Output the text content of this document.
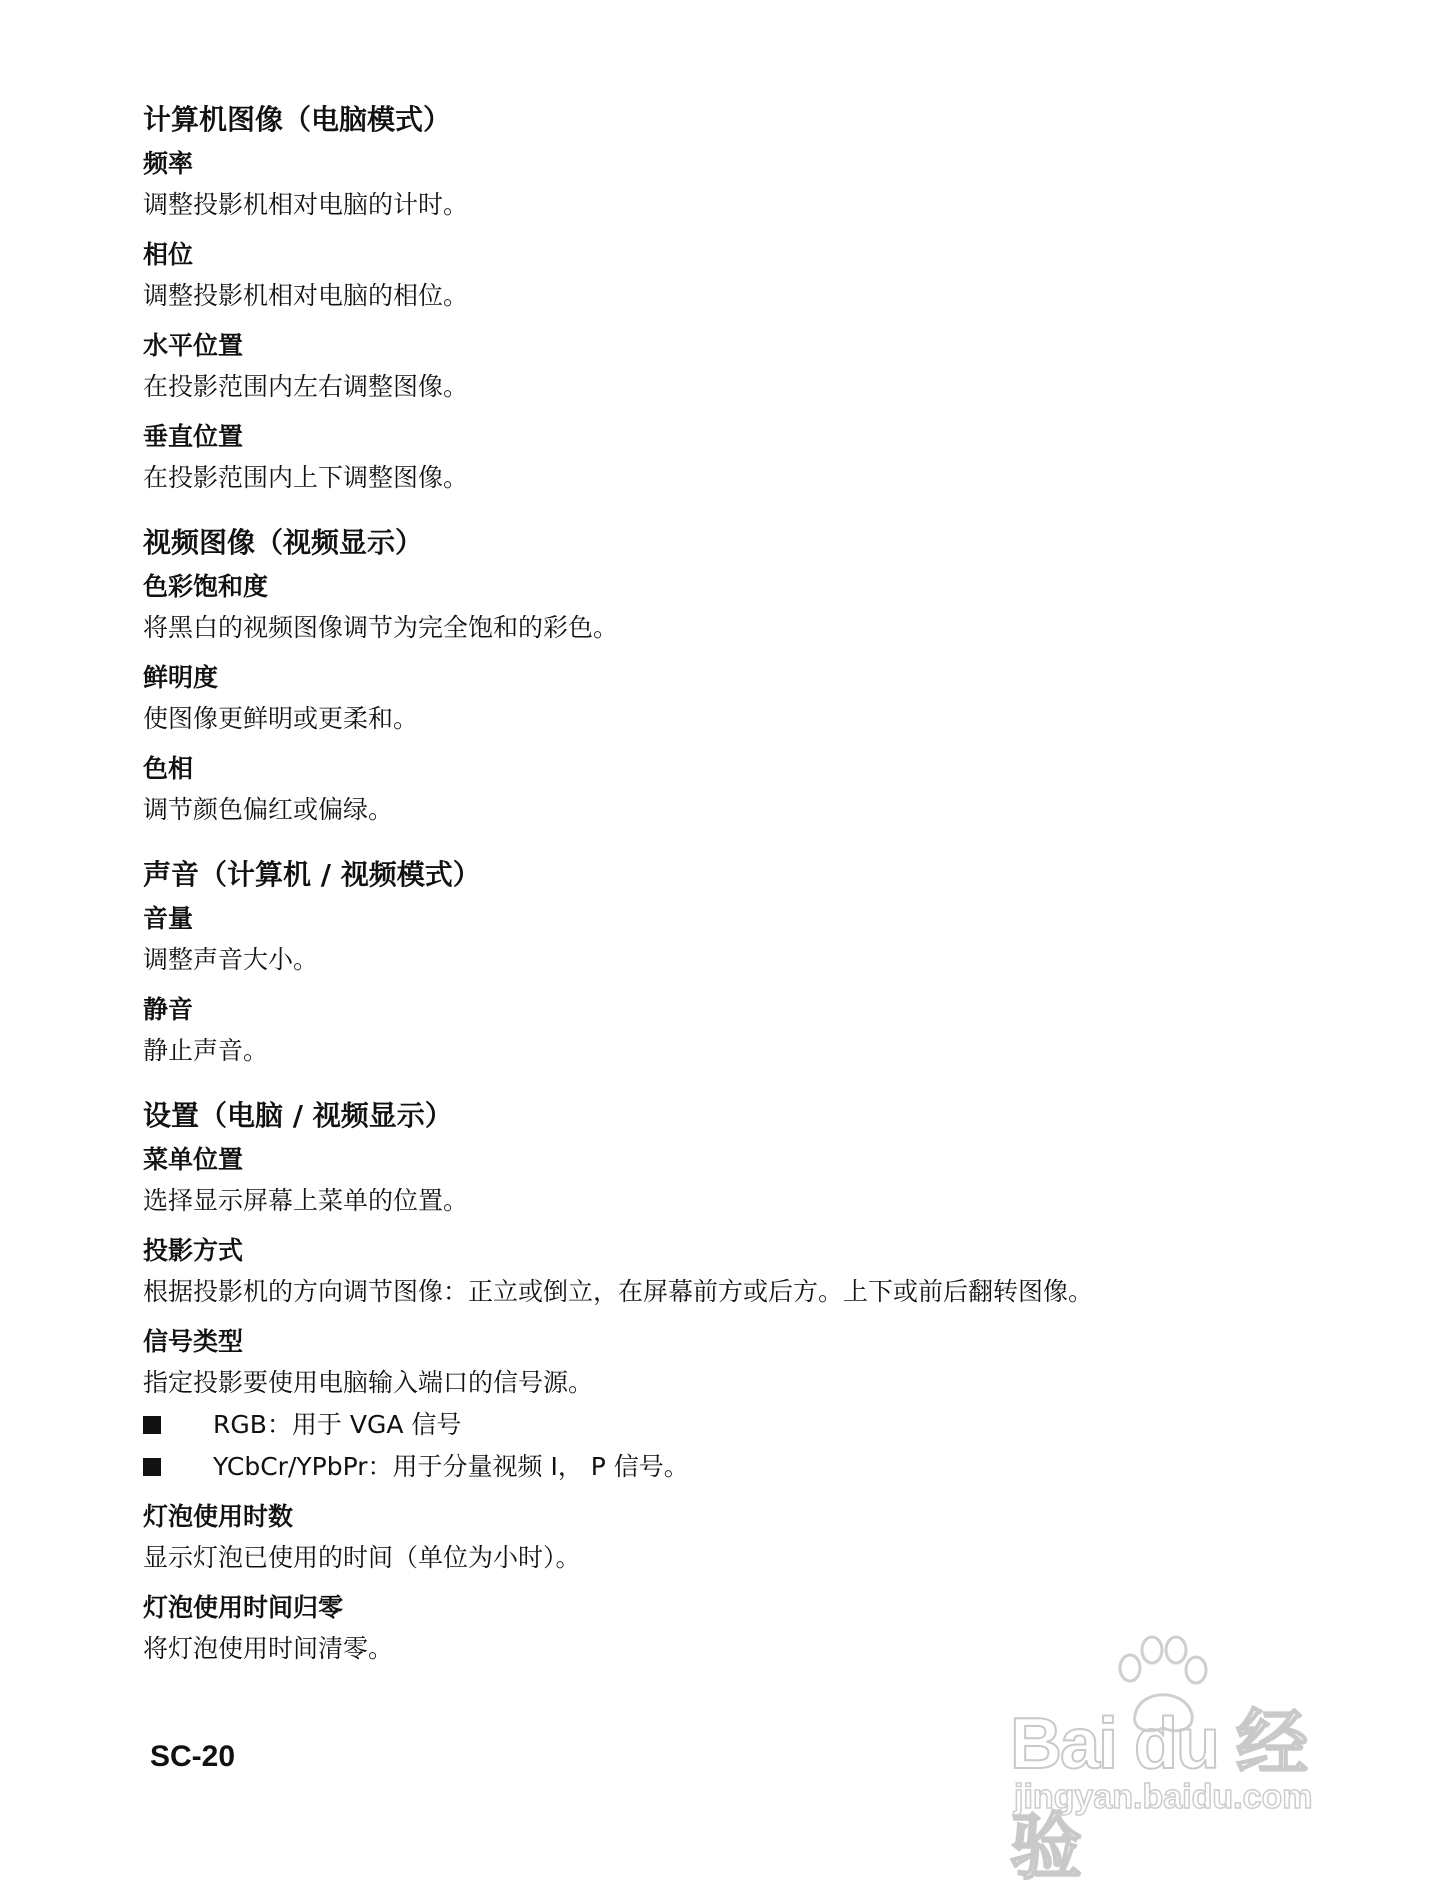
计算机图像（电脑模式）

频率

调整投影机相对电脑的计时。

相位

调整投影机相对电脑的相位。

水平位置

在投影范围内左右调整图像。

垂直位置

在投影范围内上下调整图像。

视频图像（视频显示）

色彩饱和度

将黑白的视频图像调节为完全饱和的彩色。

鲜明度

使图像更鲜明或更柔和。

色相

调节颜色偏红或偏绿。

声音（计算机 / 视频模式）

音量

调整声音大小。

静音

静止声音。

设置（电脑 / 视频显示）

菜单位置

选择显示屏幕上菜单的位置。

投影方式

根据投影机的方向调节图像：正立或倒立，在屏幕前方或后方。上下或前后翻转图像。

信号类型

指定投影要使用电脑输入端口的信号源。

RGB：用于 VGA 信号
YCbCr/YPbPr：用于分量视频 I， P 信号。

灯泡使用时数

显示灯泡已使用的时间（单位为小时）。

灯泡使用时间归零

将灯泡使用时间清零。

SC-20	Bai du 经验
jingyan.baidu.com
